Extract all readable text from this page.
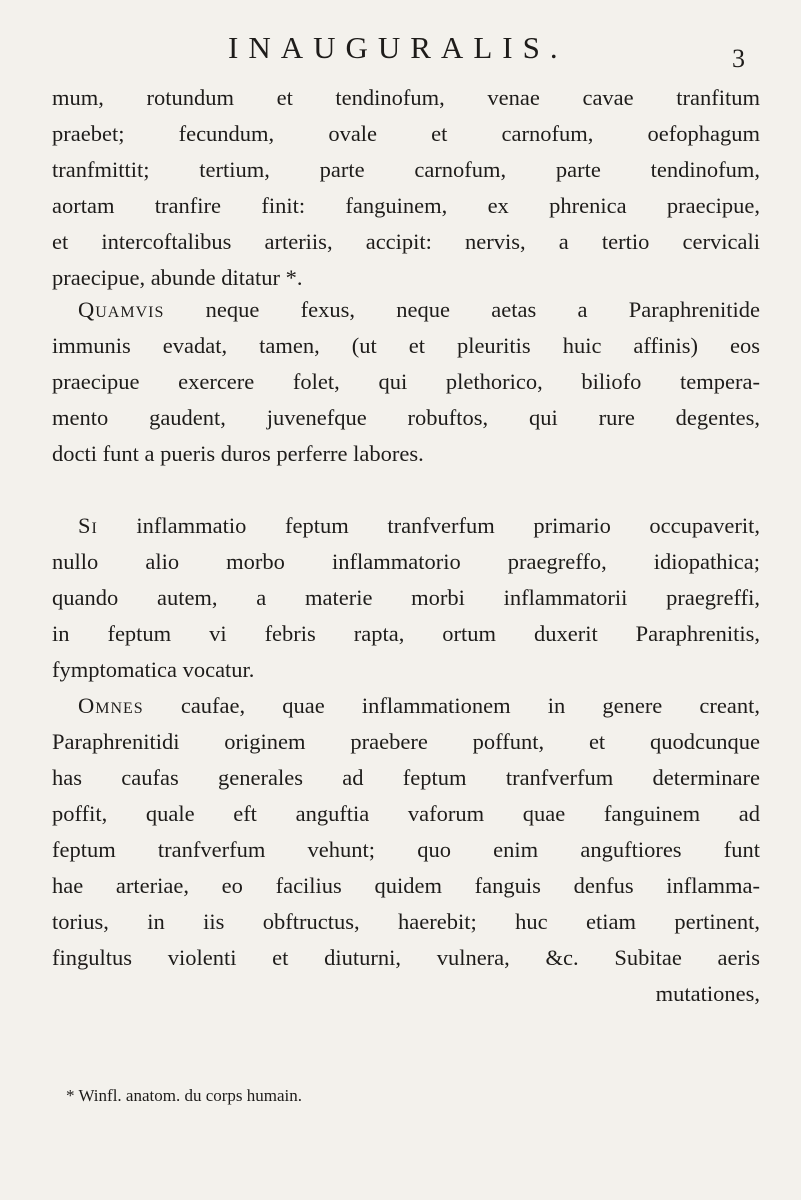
INAUGURALIS.	3
mum, rotundum et tendinofum, venae cavae tranfitum
praebet; fecundum, ovale et carnofum, oefophagum
tranfmittit; tertium, parte carnofum, parte tendinofum,
aortam tranfire finit: fanguinem, ex phrenica praecipue,
et intercoftalibus arteriis, accipit: nervis, a tertio cervicali
praecipue, abunde ditatur *.
Quamvis neque fexus, neque aetas a Paraphrenitide
immunis evadat, tamen, (ut et pleuritis huic affinis) eos
praecipue exercere folet, qui plethorico, biliofo tempera-
mento gaudent, juvenefque robuftos, qui rure degentes,
docti funt a pueris duros perferre labores.
Si inflammatio feptum tranfverfum primario occupaverit,
nullo alio morbo inflammatorio praegreffo, idiopathica;
quando autem, a materie morbi inflammatorii praegreffi,
in feptum vi febris rapta, ortum duxerit Paraphrenitis,
fymptomatica vocatur.
Omnes caufae, quae inflammationem in genere creant,
Paraphrenitidi originem praebere poffunt, et quodcunque
has caufas generales ad feptum tranfverfum determinare
poffit, quale eft anguftia vaforum quae fanguinem ad
feptum tranfverfum vehunt; quo enim anguftiores funt
hae arteriae, eo facilius quidem fanguis denfus inflamma-
torius, in iis obftructus, haerebit; huc etiam pertinent,
fingultus violenti et diuturni, vulnera, &c. Subitae aeris
mutationes,
* Winfl. anatom. du corps humain.
